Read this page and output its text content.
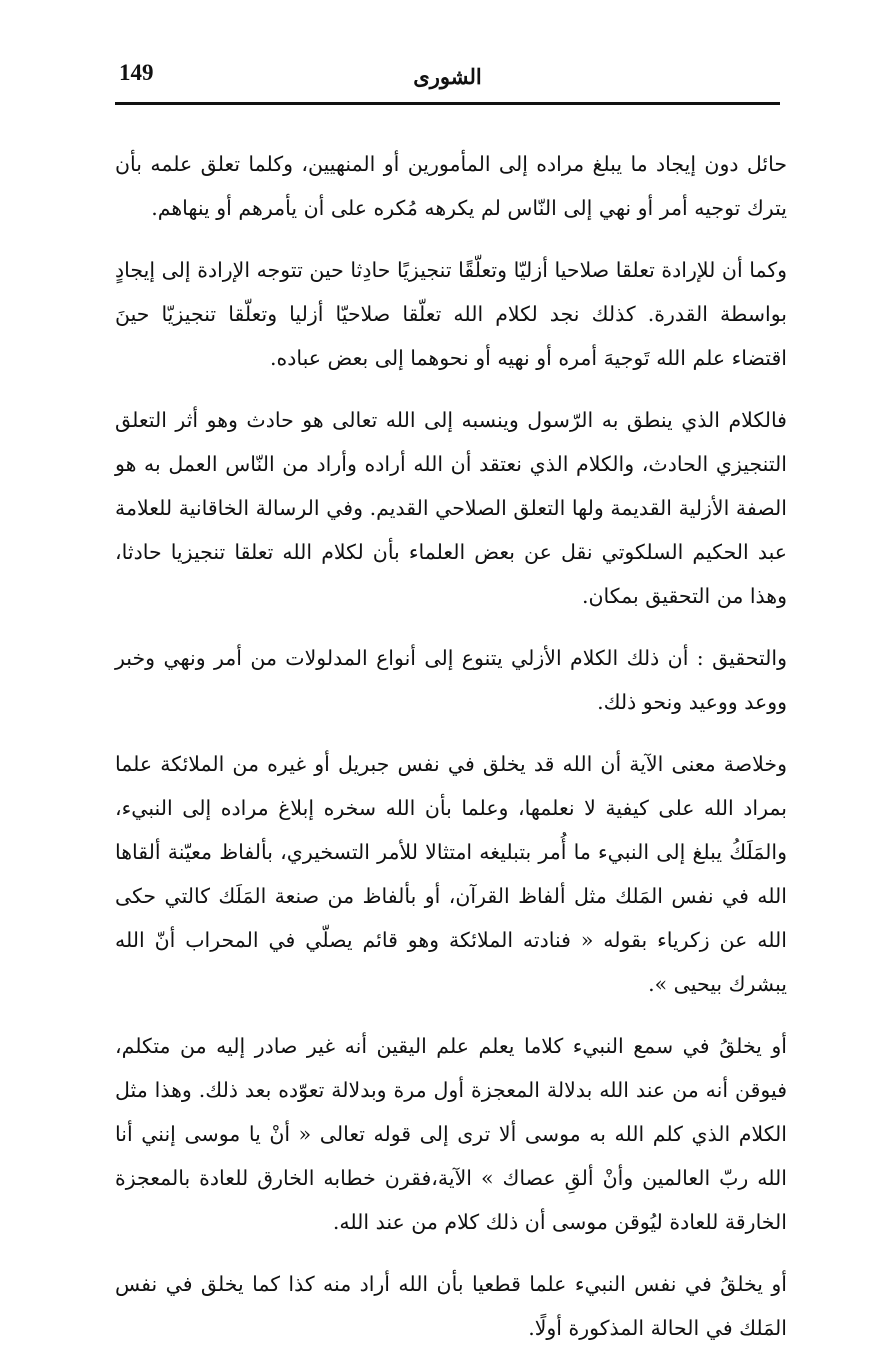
149	الشورى

حائل دون إيجاد ما يبلغ مراده إلى المأمورين أو المنهيين، وكلما تعلق علمه بأن يترك توجيه أمر أو نهي إلى النّاس لم يكرهه مُكره على أن يأمرهم أو ينهاهم.

وكما أن للإرادة تعلقا صلاحيا أزليّا وتعلّقًا تنجيزيًا حادِثا حين تتوجه الإرادة إلى إيجادٍ بواسطة القدرة. كذلك نجد لكلام الله تعلّقا صلاحيّا أزليا وتعلّقا تنجيزيّا حينَ اقتضاء علم الله تَوجيهَ أمره أو نهيه أو نحوهما إلى بعض عباده.

فالكلام الذي ينطق به الرّسول وينسبه إلى الله تعالى هو حادث وهو أثر التعلق التنجيزي الحادث، والكلام الذي نعتقد أن الله أراده وأراد من النّاس العمل به هو الصفة الأزلية القديمة ولها التعلق الصلاحي القديم. وفي الرسالة الخاقانية للعلامة عبد الحكيم السلكوتي نقل عن بعض العلماء بأن لكلام الله تعلقا تنجيزيا حادثا، وهذا من التحقيق بمكان.

والتحقيق : أن ذلك الكلام الأزلي يتنوع إلى أنواع المدلولات من أمر ونهي وخبر ووعد ووعيد ونحو ذلك.

وخلاصة معنى الآية أن الله قد يخلق في نفس جبريل أو غيره من الملائكة علما بمراد الله على كيفية لا نعلمها، وعلما بأن الله سخره إبلاغ مراده إلى النبيء، والمَلَكُ يبلغ إلى النبيء ما أُمر بتبليغه امتثالا للأمر التسخيري، بألفاظ معيّنة ألقاها الله في نفس المَلك مثل ألفاظ القرآن، أو بألفاظ من صنعة المَلَك كالتي حكى الله عن زكرياء بقوله « فنادته الملائكة وهو قائم يصلّي في المحراب أنّ الله يبشرك بيحيى ».

أو يخلقُ في سمع النبيء كلاما يعلم علم اليقين أنه غير صادر إليه من متكلم، فيوقن أنه من عند الله بدلالة المعجزة أول مرة وبدلالة تعوّده بعد ذلك. وهذا مثل الكلام الذي كلم الله به موسى ألا ترى إلى قوله تعالى « أنْ يا موسى إنني أنا الله ربّ العالمين وأنْ ألقِ عصاك » الآية،فقرن خطابه الخارق للعادة بالمعجزة الخارقة للعادة ليُوقن موسى أن ذلك كلام من عند الله.

أو يخلقُ في نفس النبيء علما قطعيا بأن الله أراد منه كذا كما يخلق في نفس المَلك في الحالة المذكورة أولًا.
